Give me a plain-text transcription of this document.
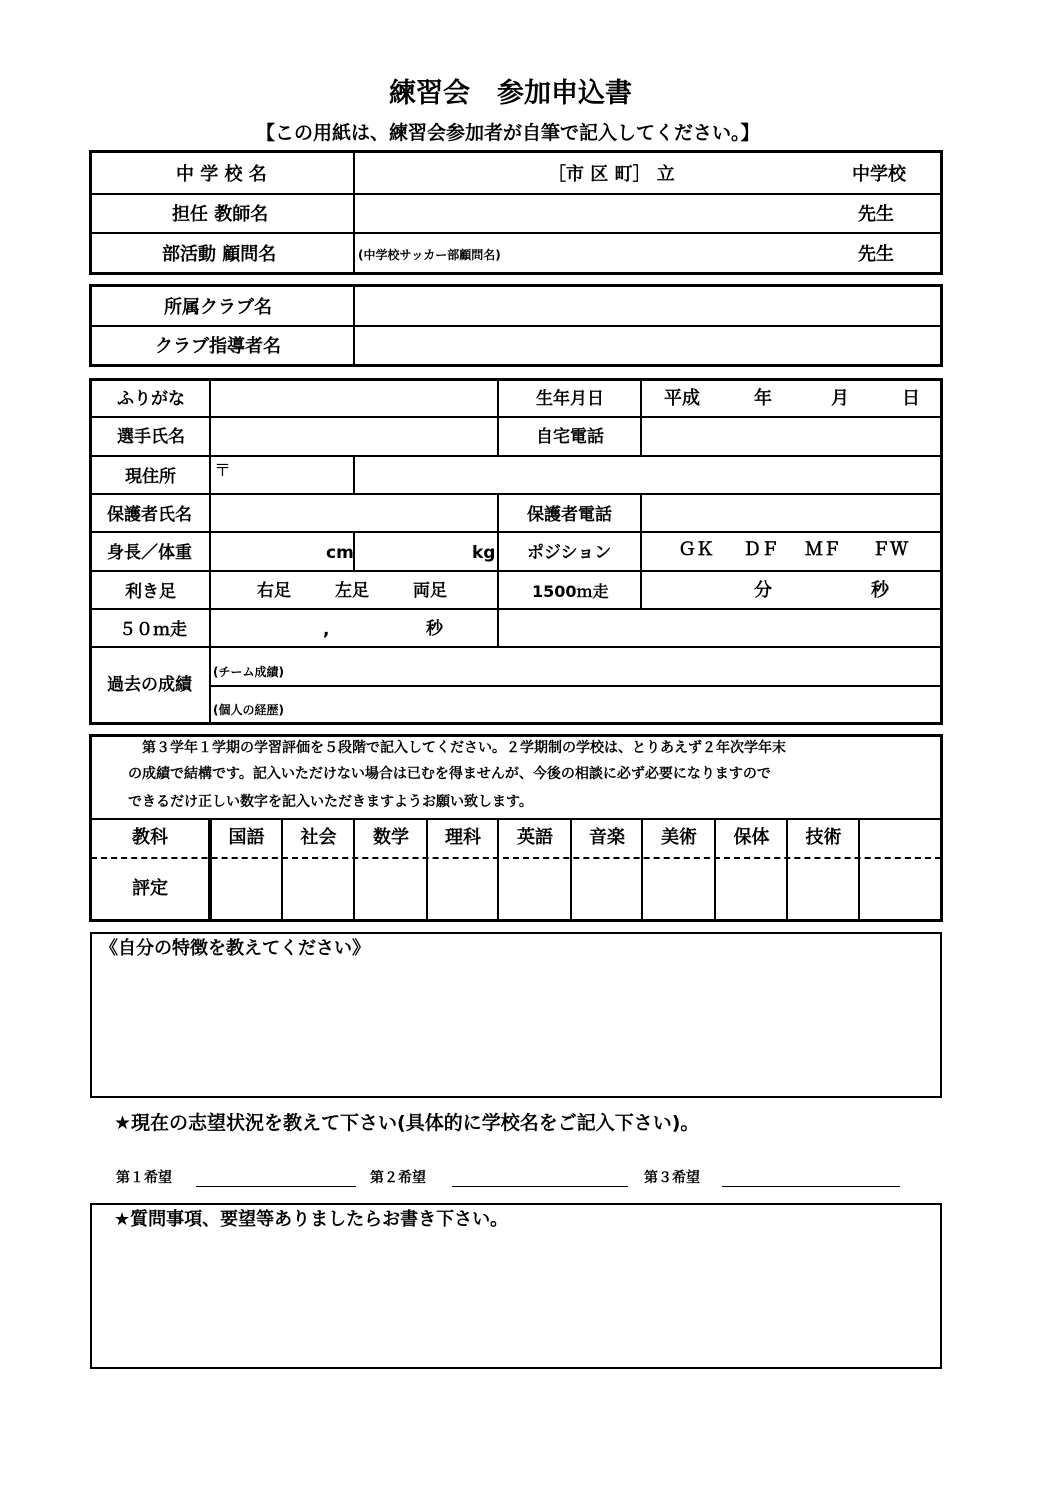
練習会　参加申込書
【この用紙は、練習会参加者が自筆で記入してください。】
中 学 校 名	［市 区 町］ 立	中学校
担任 教師名	先生
部活動 顧問名	(中学校サッカー部顧問名)	先生
所属クラブ名
クラブ指導者名
ふりがな	生年月日	平成	年	月	日
選手氏名	自宅電話
現住所 〒
保護者氏名	保護者電話
身長／体重	cm	kg ポジション	ＧＫ ＤＦ ＭＦ ＦＷ
利き足	右足	左足	両足	1500ｍ走	分	秒
５０ｍ走	,	秒
過去の成績
(チーム成績)
(個人の経歴)
　第３学年１学期の学習評価を５段階で記入してください。２学期制の学校は、とりあえず２年次学年末
の成績で結構です。記入いただけない場合は已むを得ませんが、今後の相談に必ず必要になりますので
できるだけ正しい数字を記入いただきますようお願い致します。
教科	国語	社会	数学	理科	英語	音楽	美術	保体	技術
評定
《自分の特徴を教えてください》
★現在の志望状況を教えて下さい(具体的に学校名をご記入下さい)。
第１希望	第２希望	第３希望
★質問事項、要望等ありましたらお書き下さい。
